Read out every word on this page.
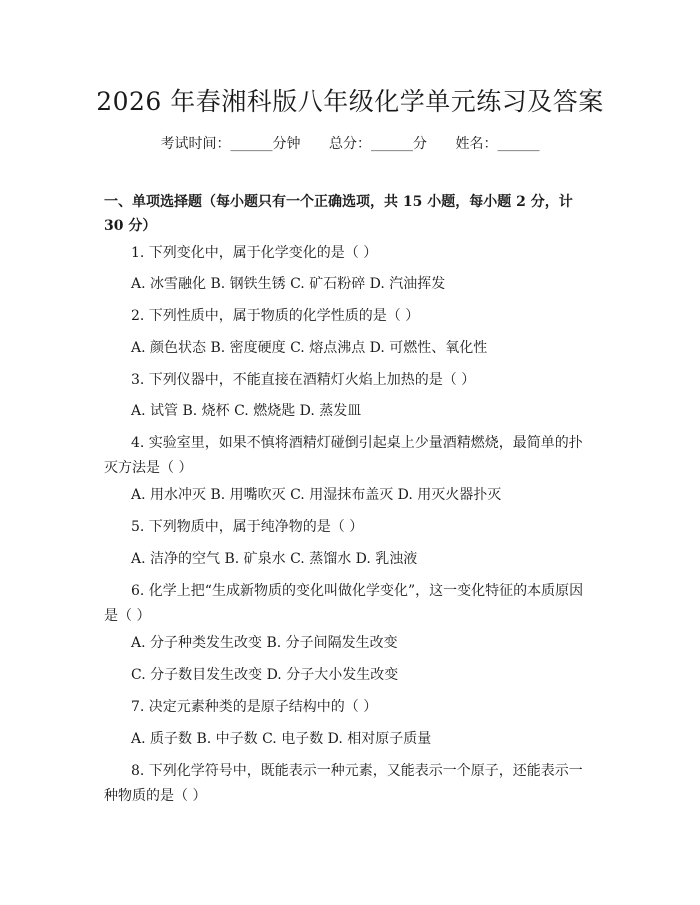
2026 年春湘科版八年级化学单元练习及答案
考试时间：______分钟 总分：______分 姓名：______
一、单项选择题（每小题只有一个正确选项，共 15 小题，每小题 2 分，计 30 分）
1. 下列变化中，属于化学变化的是（ ）
A. 冰雪融化 B. 钢铁生锈 C. 矿石粉碎 D. 汽油挥发
2. 下列性质中，属于物质的化学性质的是（ ）
A. 颜色状态 B. 密度硬度 C. 熔点沸点 D. 可燃性、氧化性
3. 下列仪器中，不能直接在酒精灯火焰上加热的是（ ）
A. 试管 B. 烧杯 C. 燃烧匙 D. 蒸发皿
4. 实验室里，如果不慎将酒精灯碰倒引起桌上少量酒精燃烧，最简单的扑灭方法是（ ）
A. 用水冲灭 B. 用嘴吹灭 C. 用湿抹布盖灭 D. 用灭火器扑灭
5. 下列物质中，属于纯净物的是（ ）
A. 洁净的空气 B. 矿泉水 C. 蒸馏水 D. 乳浊液
6. 化学上把“生成新物质的变化叫做化学变化”，这一变化特征的本质原因是（ ）
A. 分子种类发生改变 B. 分子间隔发生改变
C. 分子数目发生改变 D. 分子大小发生改变
7. 决定元素种类的是原子结构中的（ ）
A. 质子数 B. 中子数 C. 电子数 D. 相对原子质量
8. 下列化学符号中，既能表示一种元素，又能表示一个原子，还能表示一种物质的是（ ）
